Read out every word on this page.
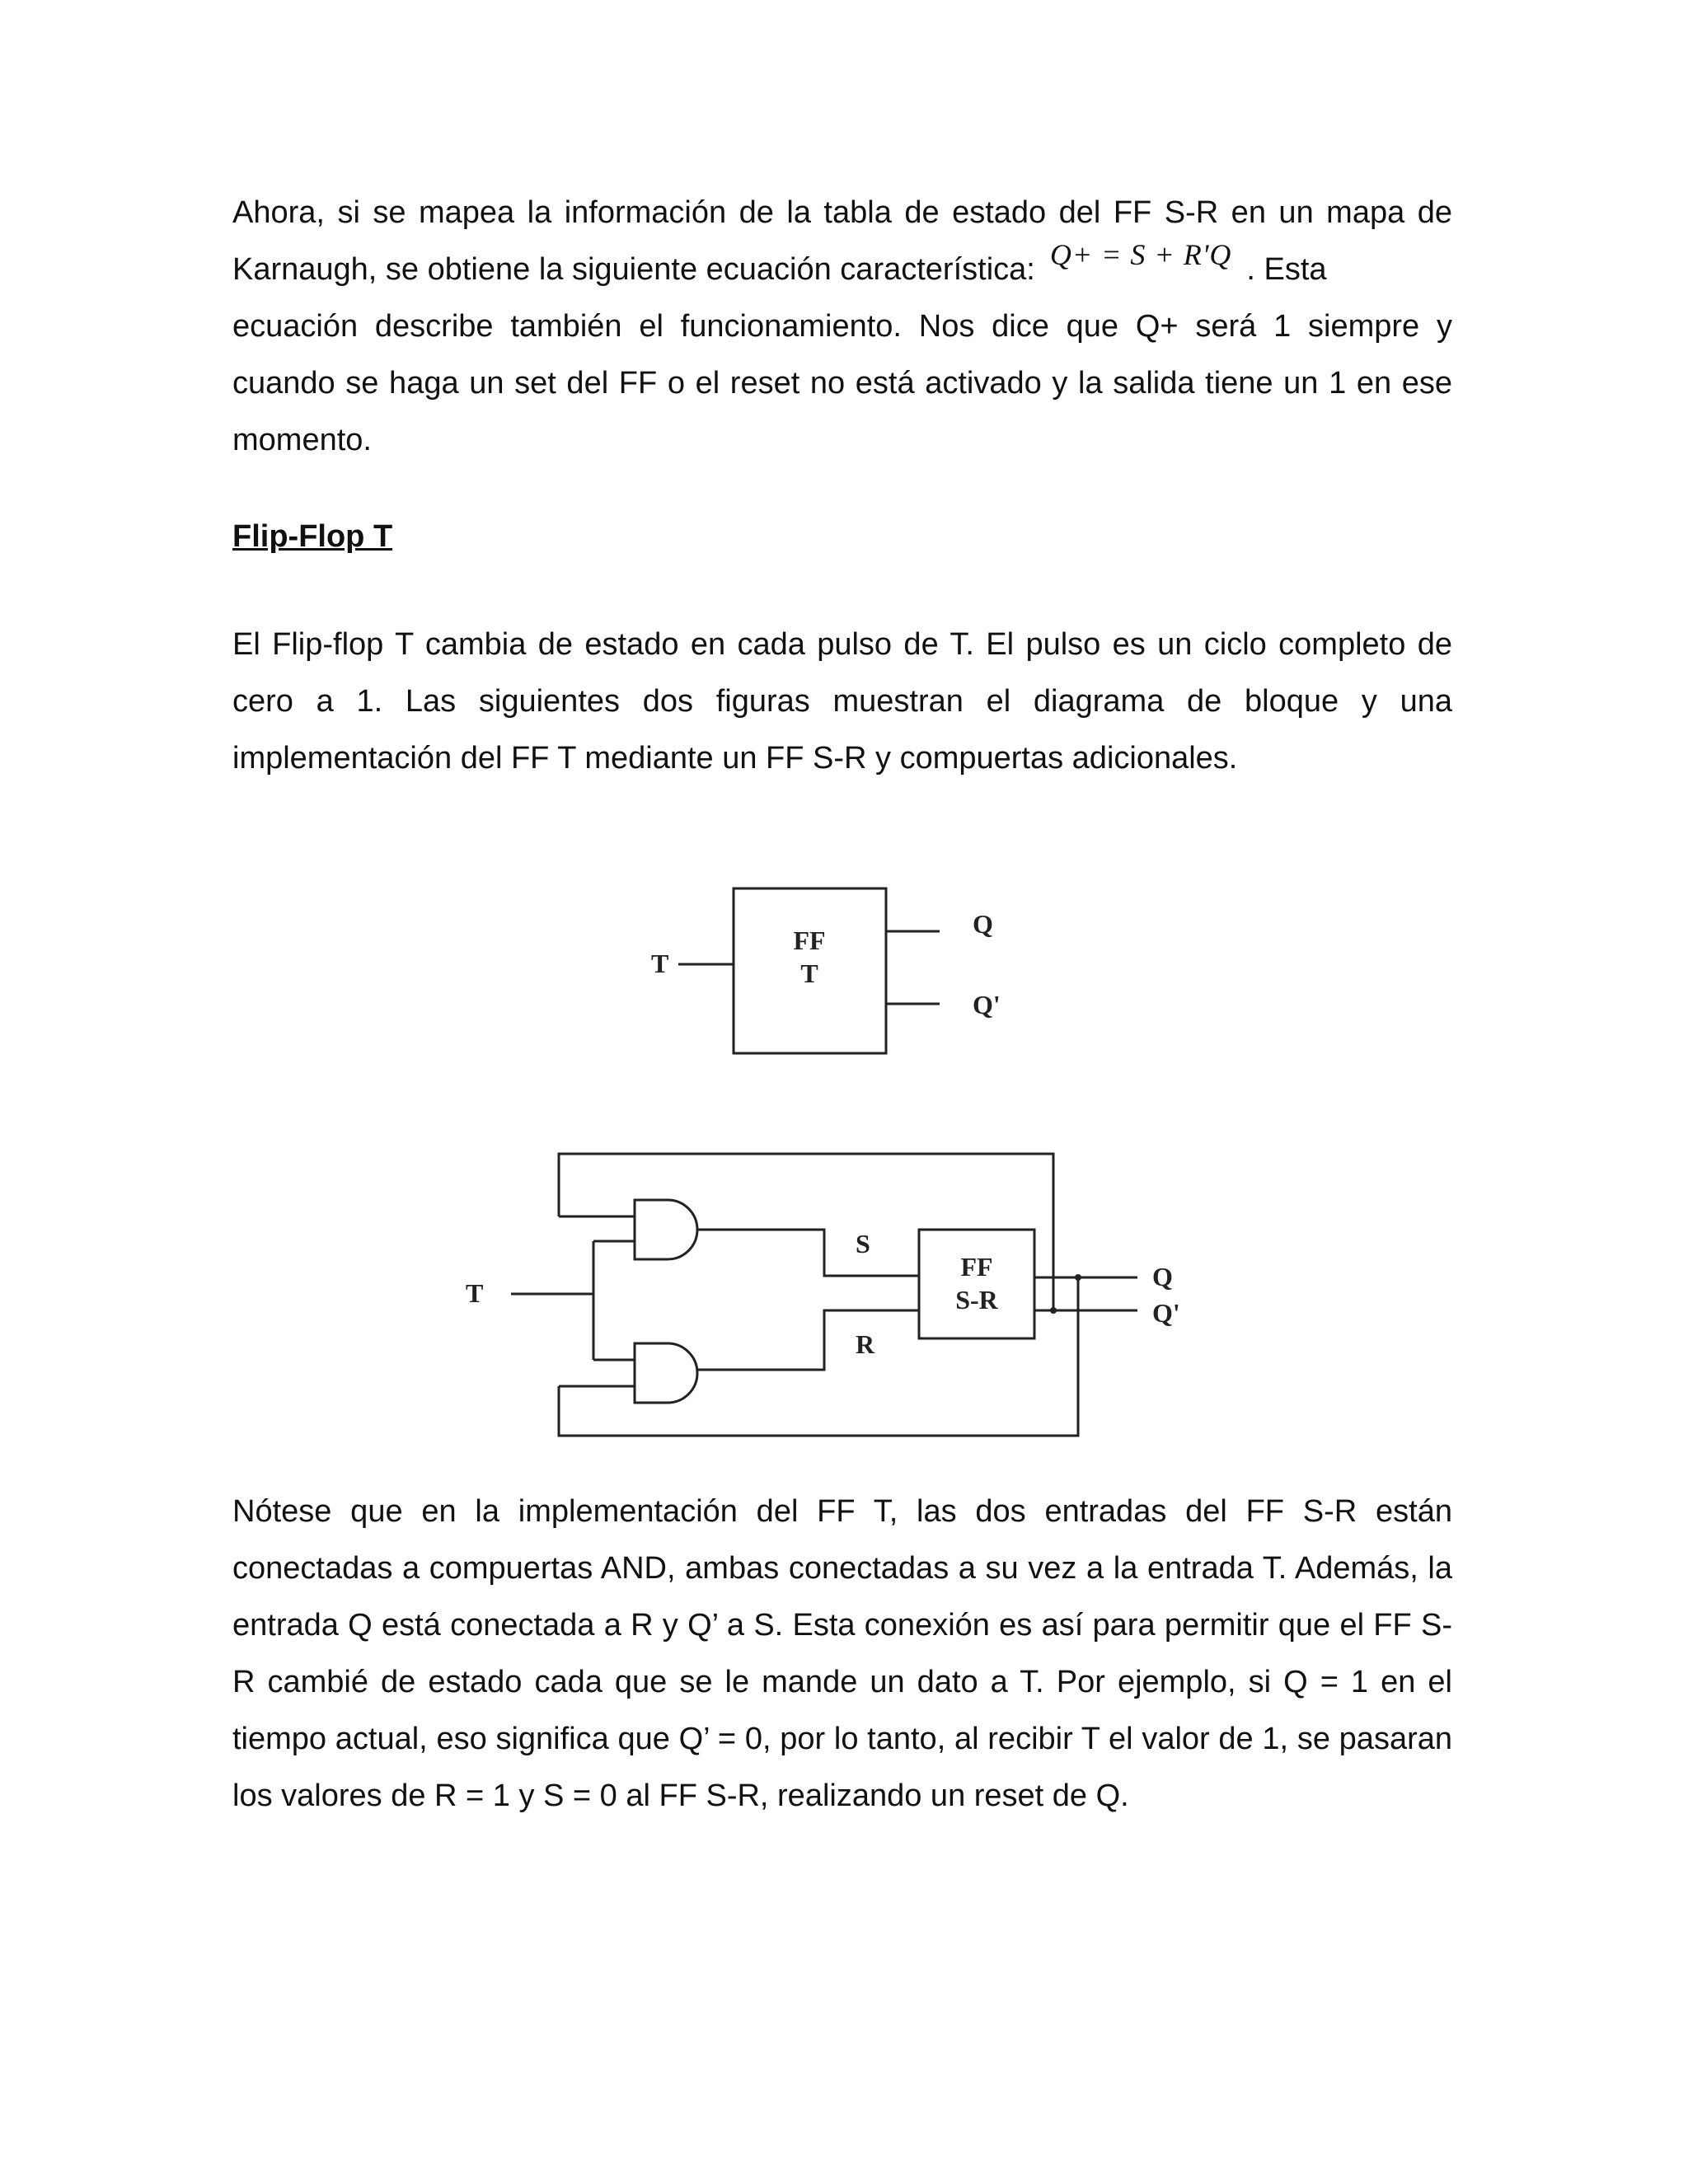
Ahora, si se mapea la información de la tabla de estado del FF S-R en un mapa de
Karnaugh, se obtiene la siguiente ecuación característica: Q+ = S + R'Q . Esta

ecuación describe también el funcionamiento. Nos dice que Q+ será 1 siempre y cuando se haga un set del FF o el reset no está activado y la salida tiene un 1 en ese momento.

Flip-Flop T

El Flip-flop T cambia de estado en cada pulso de T. El pulso es un ciclo completo de cero a 1. Las siguientes dos figuras muestran el diagrama de bloque y una implementación del FF T mediante un FF S-R y compuertas adicionales.

T
FF
T
Q
Q'
T
S
R
FF
S-R
Q
Q'

Nótese que en la implementación del FF T, las dos entradas del FF S-R están conectadas a compuertas AND, ambas conectadas a su vez a la entrada T. Además, la entrada Q está conectada a R y Q’ a S. Esta conexión es así para permitir que el FF S-R cambié de estado cada que se le mande un dato a T. Por ejemplo, si Q = 1 en el tiempo actual, eso significa que Q’ = 0, por lo tanto, al recibir T el valor de 1, se pasaran los valores de R = 1 y S = 0 al FF S-R, realizando un reset de Q.
